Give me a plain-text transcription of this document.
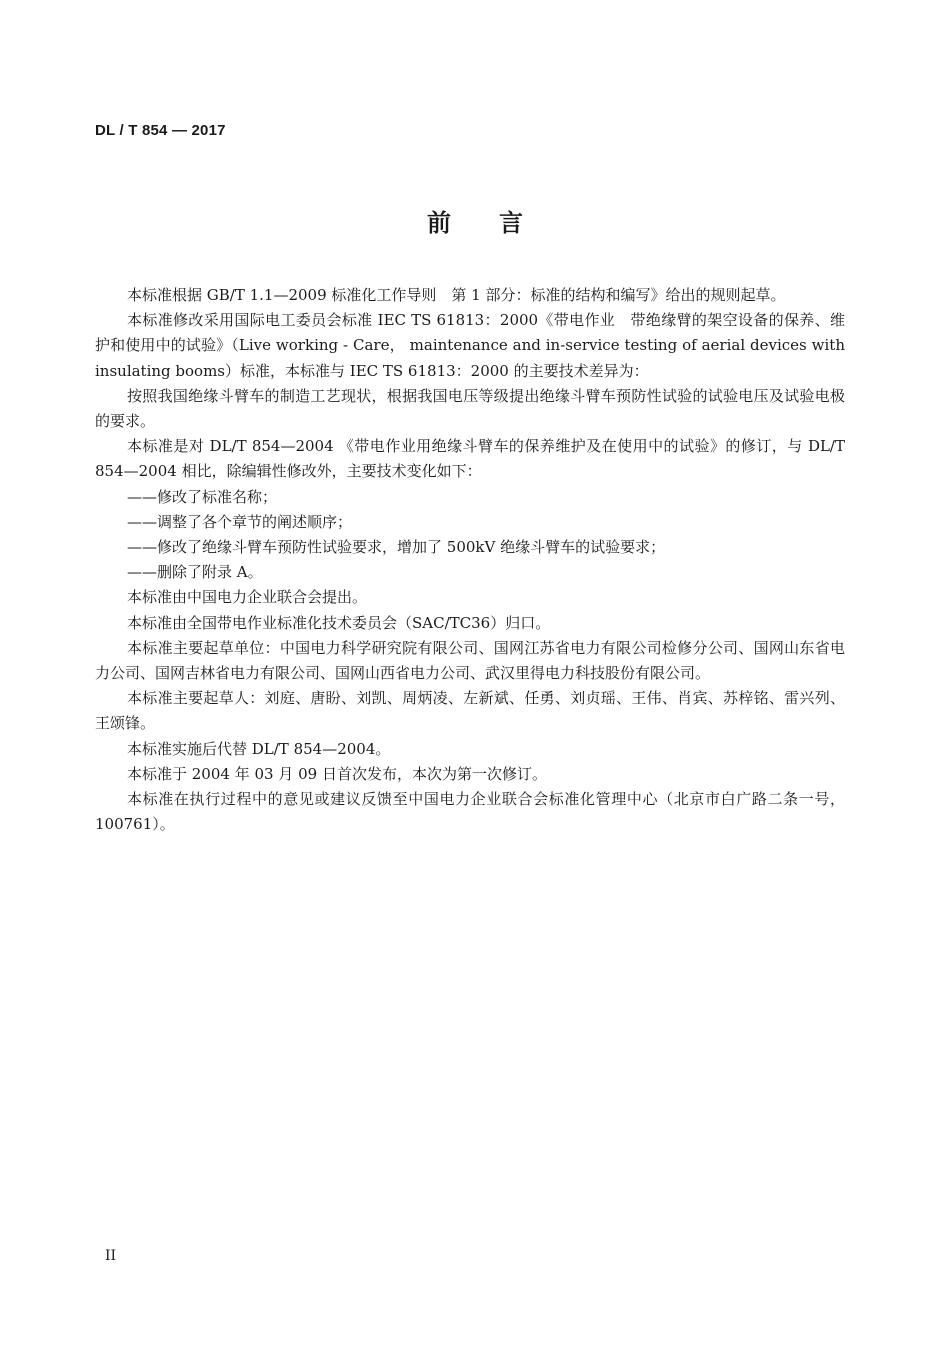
DL / T 854 — 2017
前言

本标准根据 GB/T 1.1—2009 标准化工作导则　第 1 部分：标准的结构和编写》给出的规则起草。

本标准修改采用国际电工委员会标准 IEC TS 61813：2000《带电作业　带绝缘臂的架空设备的保养、维护和使用中的试验》（Live working - Care， maintenance and in-service testing of aerial devices with insulating booms）标准，本标准与 IEC TS 61813：2000 的主要技术差异为：

按照我国绝缘斗臂车的制造工艺现状，根据我国电压等级提出绝缘斗臂车预防性试验的试验电压及试验电极的要求。

本标准是对 DL/T 854—2004 《带电作业用绝缘斗臂车的保养维护及在使用中的试验》的修订，与 DL/T 854—2004 相比，除编辑性修改外，主要技术变化如下：

——修改了标准名称；

——调整了各个章节的阐述顺序；

——修改了绝缘斗臂车预防性试验要求，增加了 500kV 绝缘斗臂车的试验要求；

——删除了附录 A。

本标准由中国电力企业联合会提出。

本标准由全国带电作业标准化技术委员会（SAC/TC36）归口。

本标准主要起草单位：中国电力科学研究院有限公司、国网江苏省电力有限公司检修分公司、国网山东省电力公司、国网吉林省电力有限公司、国网山西省电力公司、武汉里得电力科技股份有限公司。

本标准主要起草人：刘庭、唐盼、刘凯、周炳凌、左新斌、任勇、刘贞瑶、王伟、肖宾、苏梓铭、雷兴列、王颂锋。

本标准实施后代替 DL/T 854—2004。

本标准于 2004 年 03 月 09 日首次发布，本次为第一次修订。

本标准在执行过程中的意见或建议反馈至中国电力企业联合会标准化管理中心（北京市白广路二条一号，100761）。

II
